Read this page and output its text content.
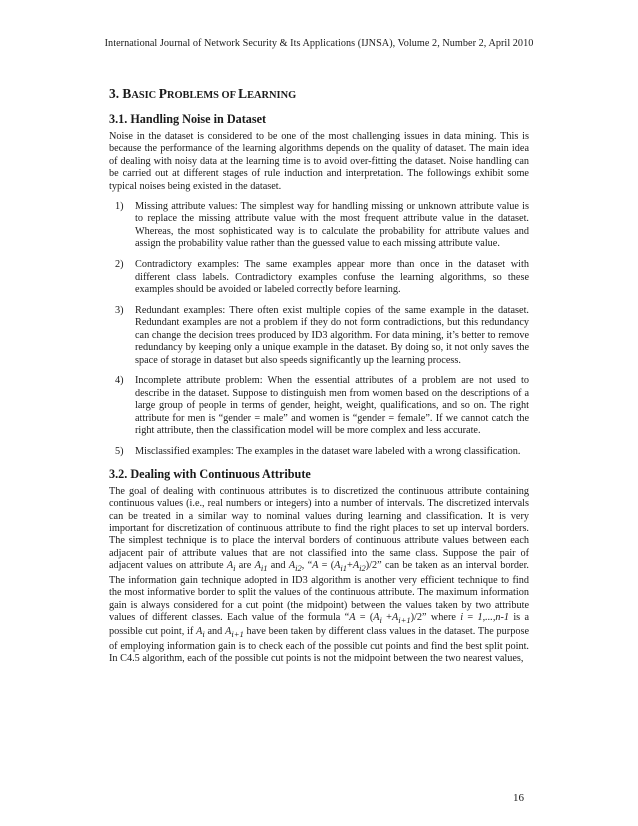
International Journal of Network Security & Its Applications (IJNSA), Volume 2, Number 2, April 2010
3. BASIC PROBLEMS OF LEARNING
3.1. Handling Noise in Dataset

Noise in the dataset is considered to be one of the most challenging issues in data mining. This is because the performance of the learning algorithms depends on the quality of dataset. The main idea of dealing with noisy data at the learning time is to avoid over-fitting the dataset. Noise handling can be carried out at different stages of rule induction and interpretation. The followings exhibit some typical noises being existed in the dataset.

1) Missing attribute values: The simplest way for handling missing or unknown attribute value is to replace the missing attribute value with the most frequent attribute value in the dataset. Whereas, the most sophisticated way is to calculate the probability for attribute values and assign the probability value rather than the guessed value to each missing attribute value.
2) Contradictory examples: The same examples appear more than once in the dataset with different class labels. Contradictory examples confuse the learning algorithms, so these examples should be avoided or labeled correctly before learning.
3) Redundant examples: There often exist multiple copies of the same example in the dataset. Redundant examples are not a problem if they do not form contradictions, but this redundancy can change the decision trees produced by ID3 algorithm. For data mining, it’s better to remove redundancy by keeping only a unique example in the dataset. By doing so, it not only saves the space of storage in dataset but also speeds significantly up the learning process.
4) Incomplete attribute problem: When the essential attributes of a problem are not used to describe in the dataset. Suppose to distinguish men from women based on the descriptions of a large group of people in terms of gender, height, weight, qualifications, and so on. The right attribute for men is “gender = male” and women is “gender = female”. If we cannot catch the right attribute, then the classification model will be more complex and less accurate.
5) Misclassified examples: The examples in the dataset ware labeled with a wrong classification.
3.2. Dealing with Continuous Attribute

The goal of dealing with continuous attributes is to discretized the continuous attribute containing continuous values (i.e., real numbers or integers) into a number of intervals. The discretized intervals can be treated in a similar way to nominal values during learning and classification. It is very important for discretization of continuous attribute to find the right places to set up interval borders. The simplest technique is to place the interval borders of continuous attribute values between each adjacent pair of attribute values that are not classified into the same class. Suppose the pair of adjacent values on attribute $A_i$ are $A_{i1}$ and $A_{i2}$, “$A = (A_{i1}+A_{i2})/2$” can be taken as an interval border. The information gain technique adopted in ID3 algorithm is another very efficient technique to find the most informative border to split the values of the continuous attribute. The maximum information gain is always considered for a cut point (the midpoint) between the values taken by two attribute values of different classes. Each value of the formula “$A = (A_i +A_{i+1})/2$” where i = 1,...,n-1 is a possible cut point, if $A_i$ and $A_{i+1}$ have been taken by different class values in the dataset. The purpose of employing information gain is to check each of the possible cut points and find the best split point. In C4.5 algorithm, each of the possible cut points is not the midpoint between the two nearest values,

16
